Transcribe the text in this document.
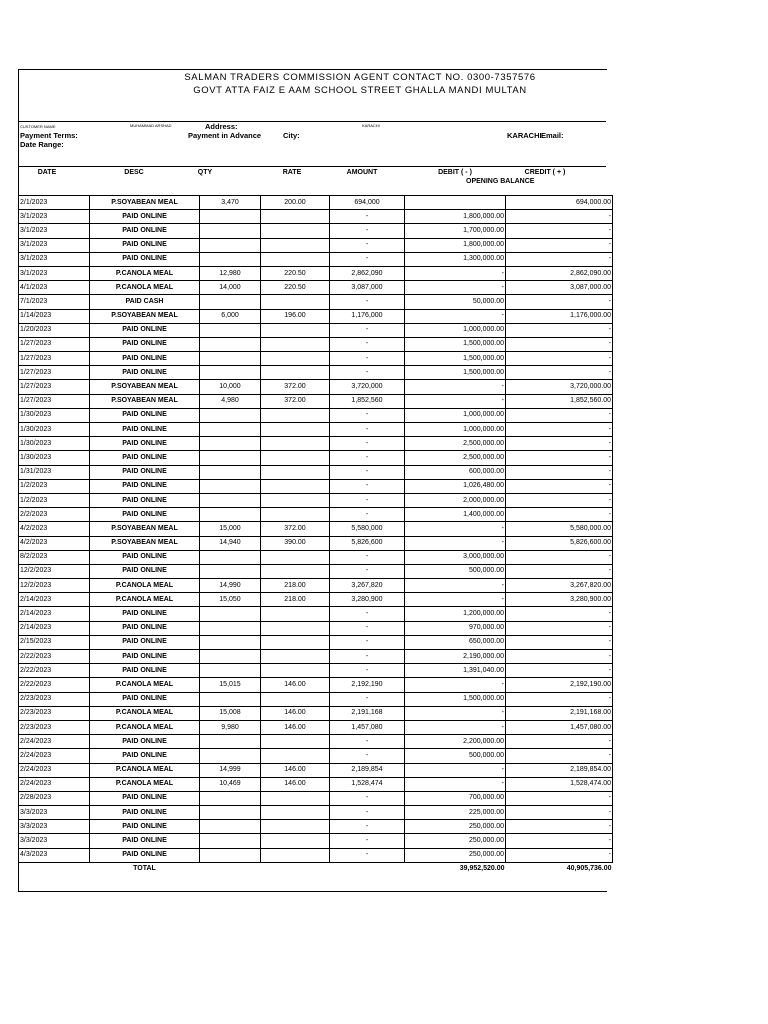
SALMAN TRADERS COMMISSION AGENT CONTACT NO. 0300-7357576
GOVT ATTA FAIZ E AAM SCHOOL STREET GHALLA MANDI MULTAN
CUSTOMER NAME	MUHAMMAD ARSHAD	Address:	KARACHI
Payment Terms:	Payment in Advance	City:	KARACHI Email:
Date Range:
DATE	DESC	QTY	RATE	AMOUNT	DEBIT ( - )	CREDIT ( + )
OPENING BALANCE
2/1/2023	P.SOYABEAN MEAL	3,470	200.00	694,000		694,000.00
3/1/2023	PAID ONLINE			-	1,800,000.00	-
3/1/2023	PAID ONLINE			-	1,700,000.00	-
3/1/2023	PAID ONLINE			-	1,800,000.00	-
3/1/2023	PAID ONLINE			-	1,300,000.00	-
3/1/2023	P.CANOLA MEAL	12,980	220.50	2,862,090	-	2,862,090.00
4/1/2023	P.CANOLA MEAL	14,000	220.50	3,087,000	-	3,087,000.00
7/1/2023	PAID CASH			-	50,000.00	-
1/14/2023	P.SOYABEAN MEAL	6,000	196.00	1,176,000	-	1,176,000.00
1/20/2023	PAID ONLINE			-	1,000,000.00	-
1/27/2023	PAID ONLINE			-	1,500,000.00	-
1/27/2023	PAID ONLINE			-	1,500,000.00	-
1/27/2023	PAID ONLINE			-	1,500,000.00	-
1/27/2023	P.SOYABEAN MEAL	10,000	372.00	3,720,000	-	3,720,000.00
1/27/2023	P.SOYABEAN MEAL	4,980	372.00	1,852,560	-	1,852,560.00
1/30/2023	PAID ONLINE			-	1,000,000.00	-
1/30/2023	PAID ONLINE			-	1,000,000.00	-
1/30/2023	PAID ONLINE			-	2,500,000.00	-
1/30/2023	PAID ONLINE			-	2,500,000.00	-
1/31/2023	PAID ONLINE			-	600,000.00	-
1/2/2023	PAID ONLINE			-	1,026,480.00	-
1/2/2023	PAID ONLINE			-	2,000,000.00	-
2/2/2023	PAID ONLINE			-	1,400,000.00	-
4/2/2023	P.SOYABEAN MEAL	15,000	372.00	5,580,000	-	5,580,000.00
4/2/2023	P.SOYABEAN MEAL	14,940	390.00	5,826,600	-	5,826,600.00
8/2/2023	PAID ONLINE			-	3,000,000.00	-
12/2/2023	PAID ONLINE			-	500,000.00	-
12/2/2023	P.CANOLA MEAL	14,990	218.00	3,267,820	-	3,267,820.00
2/14/2023	P.CANOLA MEAL	15,050	218.00	3,280,900	-	3,280,900.00
2/14/2023	PAID ONLINE			-	1,200,000.00	-
2/14/2023	PAID ONLINE			-	970,000.00	-
2/15/2023	PAID ONLINE			-	650,000.00	-
2/22/2023	PAID ONLINE			-	2,190,000.00	-
2/22/2023	PAID ONLINE			-	1,391,040.00	-
2/22/2023	P.CANOLA MEAL	15,015	146.00	2,192,190	-	2,192,190.00
2/23/2023	PAID ONLINE			-	1,500,000.00	-
2/23/2023	P.CANOLA MEAL	15,008	146.00	2,191,168	-	2,191,168.00
2/23/2023	P.CANOLA MEAL	9,980	146.00	1,457,080	-	1,457,080.00
2/24/2023	PAID ONLINE			-	2,200,000.00	-
2/24/2023	PAID ONLINE			-	500,000.00	-
2/24/2023	P.CANOLA MEAL	14,999	146.00	2,189,854	-	2,189,854.00
2/24/2023	P.CANOLA MEAL	10,469	146.00	1,528,474	-	1,528,474.00
2/28/2023	PAID ONLINE			-	700,000.00	-
3/3/2023	PAID ONLINE			-	225,000.00	-
3/3/2023	PAID ONLINE			-	250,000.00	-
3/3/2023	PAID ONLINE			-	250,000.00	-
4/3/2023	PAID ONLINE			-	250,000.00	-
	TOTAL				39,952,520.00	40,905,736.00
